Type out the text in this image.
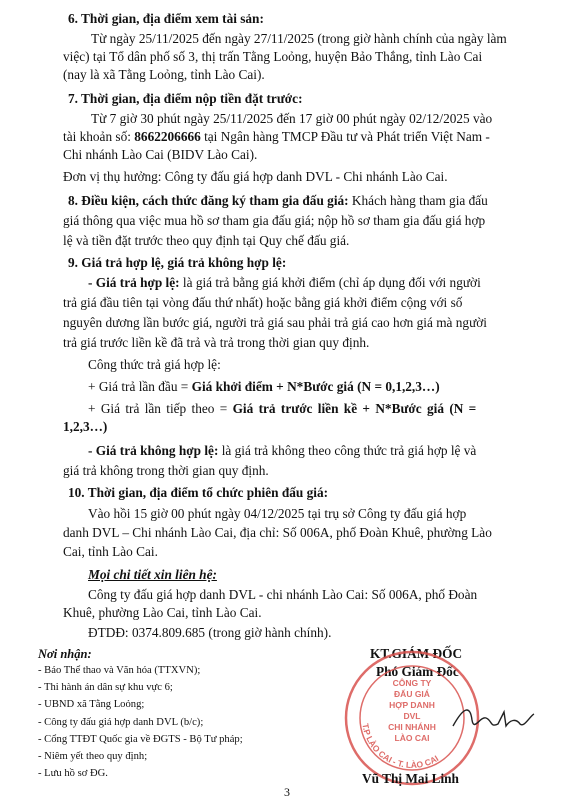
6. Thời gian, địa điểm xem tài sản:
Từ ngày 25/11/2025 đến ngày 27/11/2025 (trong giờ hành chính của ngày làm
việc) tại Tổ dân phố số 3, thị trấn Tằng Loỏng, huyện Bảo Thắng, tỉnh Lào Cai
(nay là xã Tằng Loỏng, tỉnh Lào Cai).
7. Thời gian, địa điểm nộp tiền đặt trước:
Từ 7 giờ 30 phút ngày 25/11/2025 đến 17 giờ 00 phút ngày 02/12/2025 vào
tài khoản số: 8662206666 tại Ngân hàng TMCP Đầu tư và Phát triển Việt Nam -
Chi nhánh Lào Cai (BIDV Lào Cai).
Đơn vị thụ hưởng: Công ty đấu giá hợp danh DVL - Chi nhánh Lào Cai.
8. Điều kiện, cách thức đăng ký tham gia đấu giá: Khách hàng tham gia đấu
giá thông qua việc mua hồ sơ tham gia đấu giá; nộp hồ sơ tham gia đấu giá hợp
lệ và tiền đặt trước theo quy định tại Quy chế đấu giá.
9. Giá trả hợp lệ, giá trả không hợp lệ:
- Giá trả hợp lệ: là giá trả bằng giá khởi điểm (chỉ áp dụng đối với người
trả giá đầu tiên tại vòng đấu thứ nhất) hoặc bằng giá khởi điểm cộng với số
nguyên dương lần bước giá, người trả giá sau phải trả giá cao hơn giá mà người
trả giá trước liền kề đã trả và trả trong thời gian quy định.
Công thức trả giá hợp lệ:
+ Giá trả lần đầu = Giá khởi điểm + N*Bước giá (N = 0,1,2,3…)
+ Giá trả lần tiếp theo = Giá trả trước liền kề + N*Bước giá (N =
1,2,3…)
- Giá trả không hợp lệ: là giá trả không theo công thức trả giá hợp lệ và
giá trả không trong thời gian quy định.
10. Thời gian, địa điểm tổ chức phiên đấu giá:
Vào hồi 15 giờ 00 phút ngày 04/12/2025 tại trụ sở Công ty đấu giá hợp
danh DVL – Chi nhánh Lào Cai, địa chỉ: Số 006A, phố Đoàn Khuê, phường Lào
Cai, tỉnh Lào Cai.
Mọi chi tiết xin liên hệ:
Công ty đấu giá hợp danh DVL - chi nhánh Lào Cai: Số 006A, phố Đoàn
Khuê, phường Lào Cai, tỉnh Lào Cai.
ĐTDĐ: 0374.809.685 (trong giờ hành chính).
Nơi nhận:
- Báo Thể thao và Văn hóa (TTXVN);
- Thi hành án dân sự khu vực 6;
- UBND xã Tằng Loỏng;
- Công ty đấu giá hợp danh DVL (b/c);
- Cổng TTĐT Quốc gia về ĐGTS - Bộ Tư pháp;
- Niêm yết theo quy định;
- Lưu hồ sơ ĐG.
KT.GIÁM ĐỐC
Phó Giám Đốc
T.P LÀO CAI - T. LÀO CAI
CÔNG TY
ĐẤU GIÁ
HỢP DANH
DVL
CHI NHÁNH
LÀO CAI
Vũ Thị Mai Linh
3
